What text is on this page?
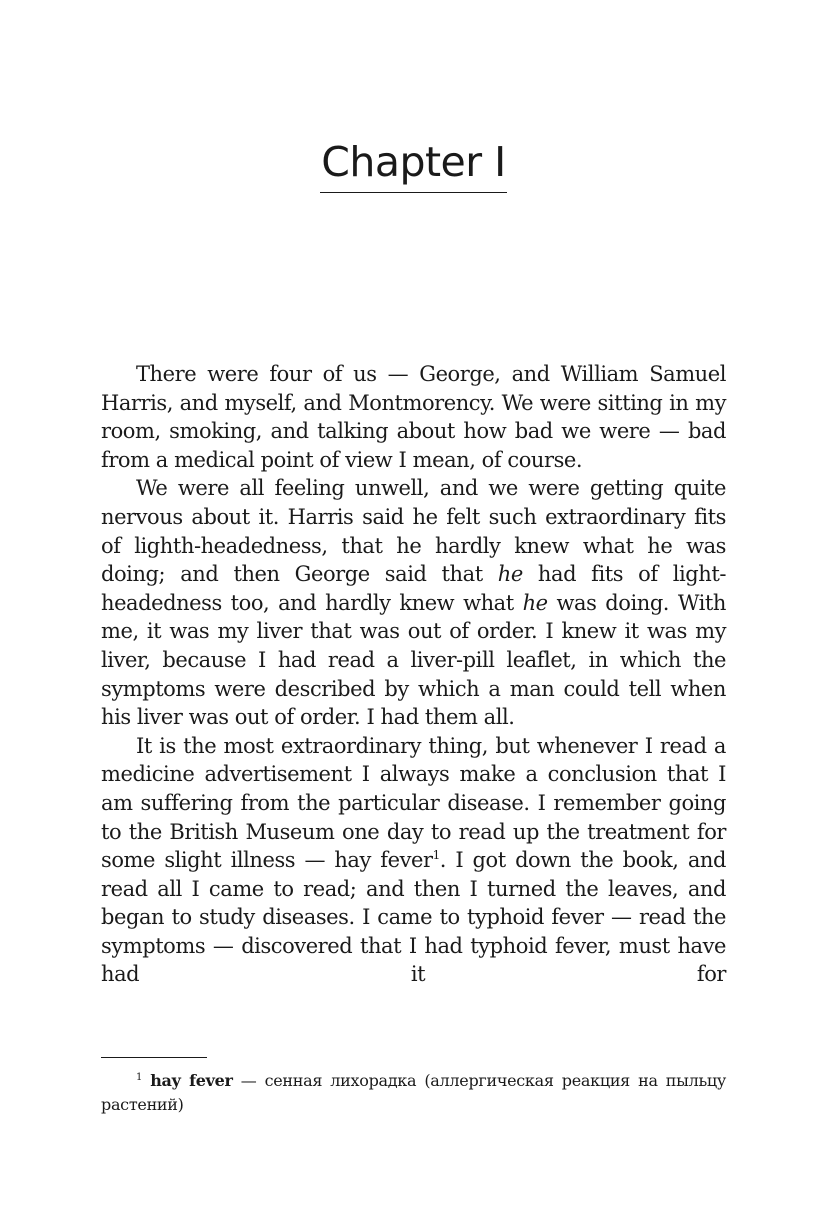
Chapter I

There were four of us — George, and William Samuel Harris, and myself, and Montmorency. We were sitting in my room, smoking, and talking about how bad we were — bad from a medical point of view I mean, of course.

We were all feeling unwell, and we were getting quite nervous about it. Harris said he felt such extraordinary fits of lighth-headedness, that he hardly knew what he was doing; and then George said that he had fits of light-headedness too, and hardly knew what he was doing. With me, it was my liver that was out of order. I knew it was my liver, because I had read a liver-pill leaflet, in which the symptoms were described by which a man could tell when his liver was out of order. I had them all.

It is the most extraordinary thing, but whenever I read a medicine advertisement I always make a conclusion that I am suffering from the particular disease. I remember going to the British Museum one day to read up the treatment for some slight illness — hay fever$^1$. I got down the book, and read all I came to read; and then I turned the leaves, and began to study diseases. I came to typhoid fever — read the symptoms — discovered that I had typhoid fever, must have had it for

$^1$ hay fever — сенная лихорадка (аллергическая реакция на пыльцу растений)
